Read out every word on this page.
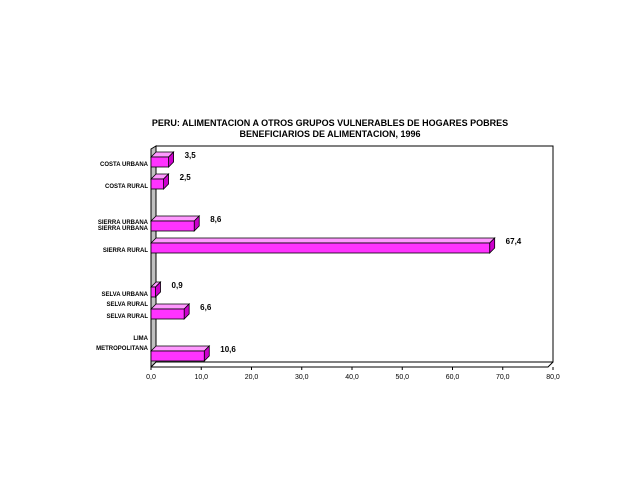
PERU: ALIMENTACION A OTROS GRUPOS VULNERABLES DE HOGARES POBRES
BENEFICIARIOS DE ALIMENTACION, 1996
COSTA URBANA
COSTA RURAL
SIERRA URBANA
SIERRA URBANA
SIERRA RURAL
SELVA URBANA
SELVA RURAL
SELVA RURAL
LIMA
METROPOLITANA
3,5
2,5
8,6
67,4
0,9
6,6
10,6
0,0	10,0	20,0	30,0	40,0	50,0	60,0	70,0	80,0
